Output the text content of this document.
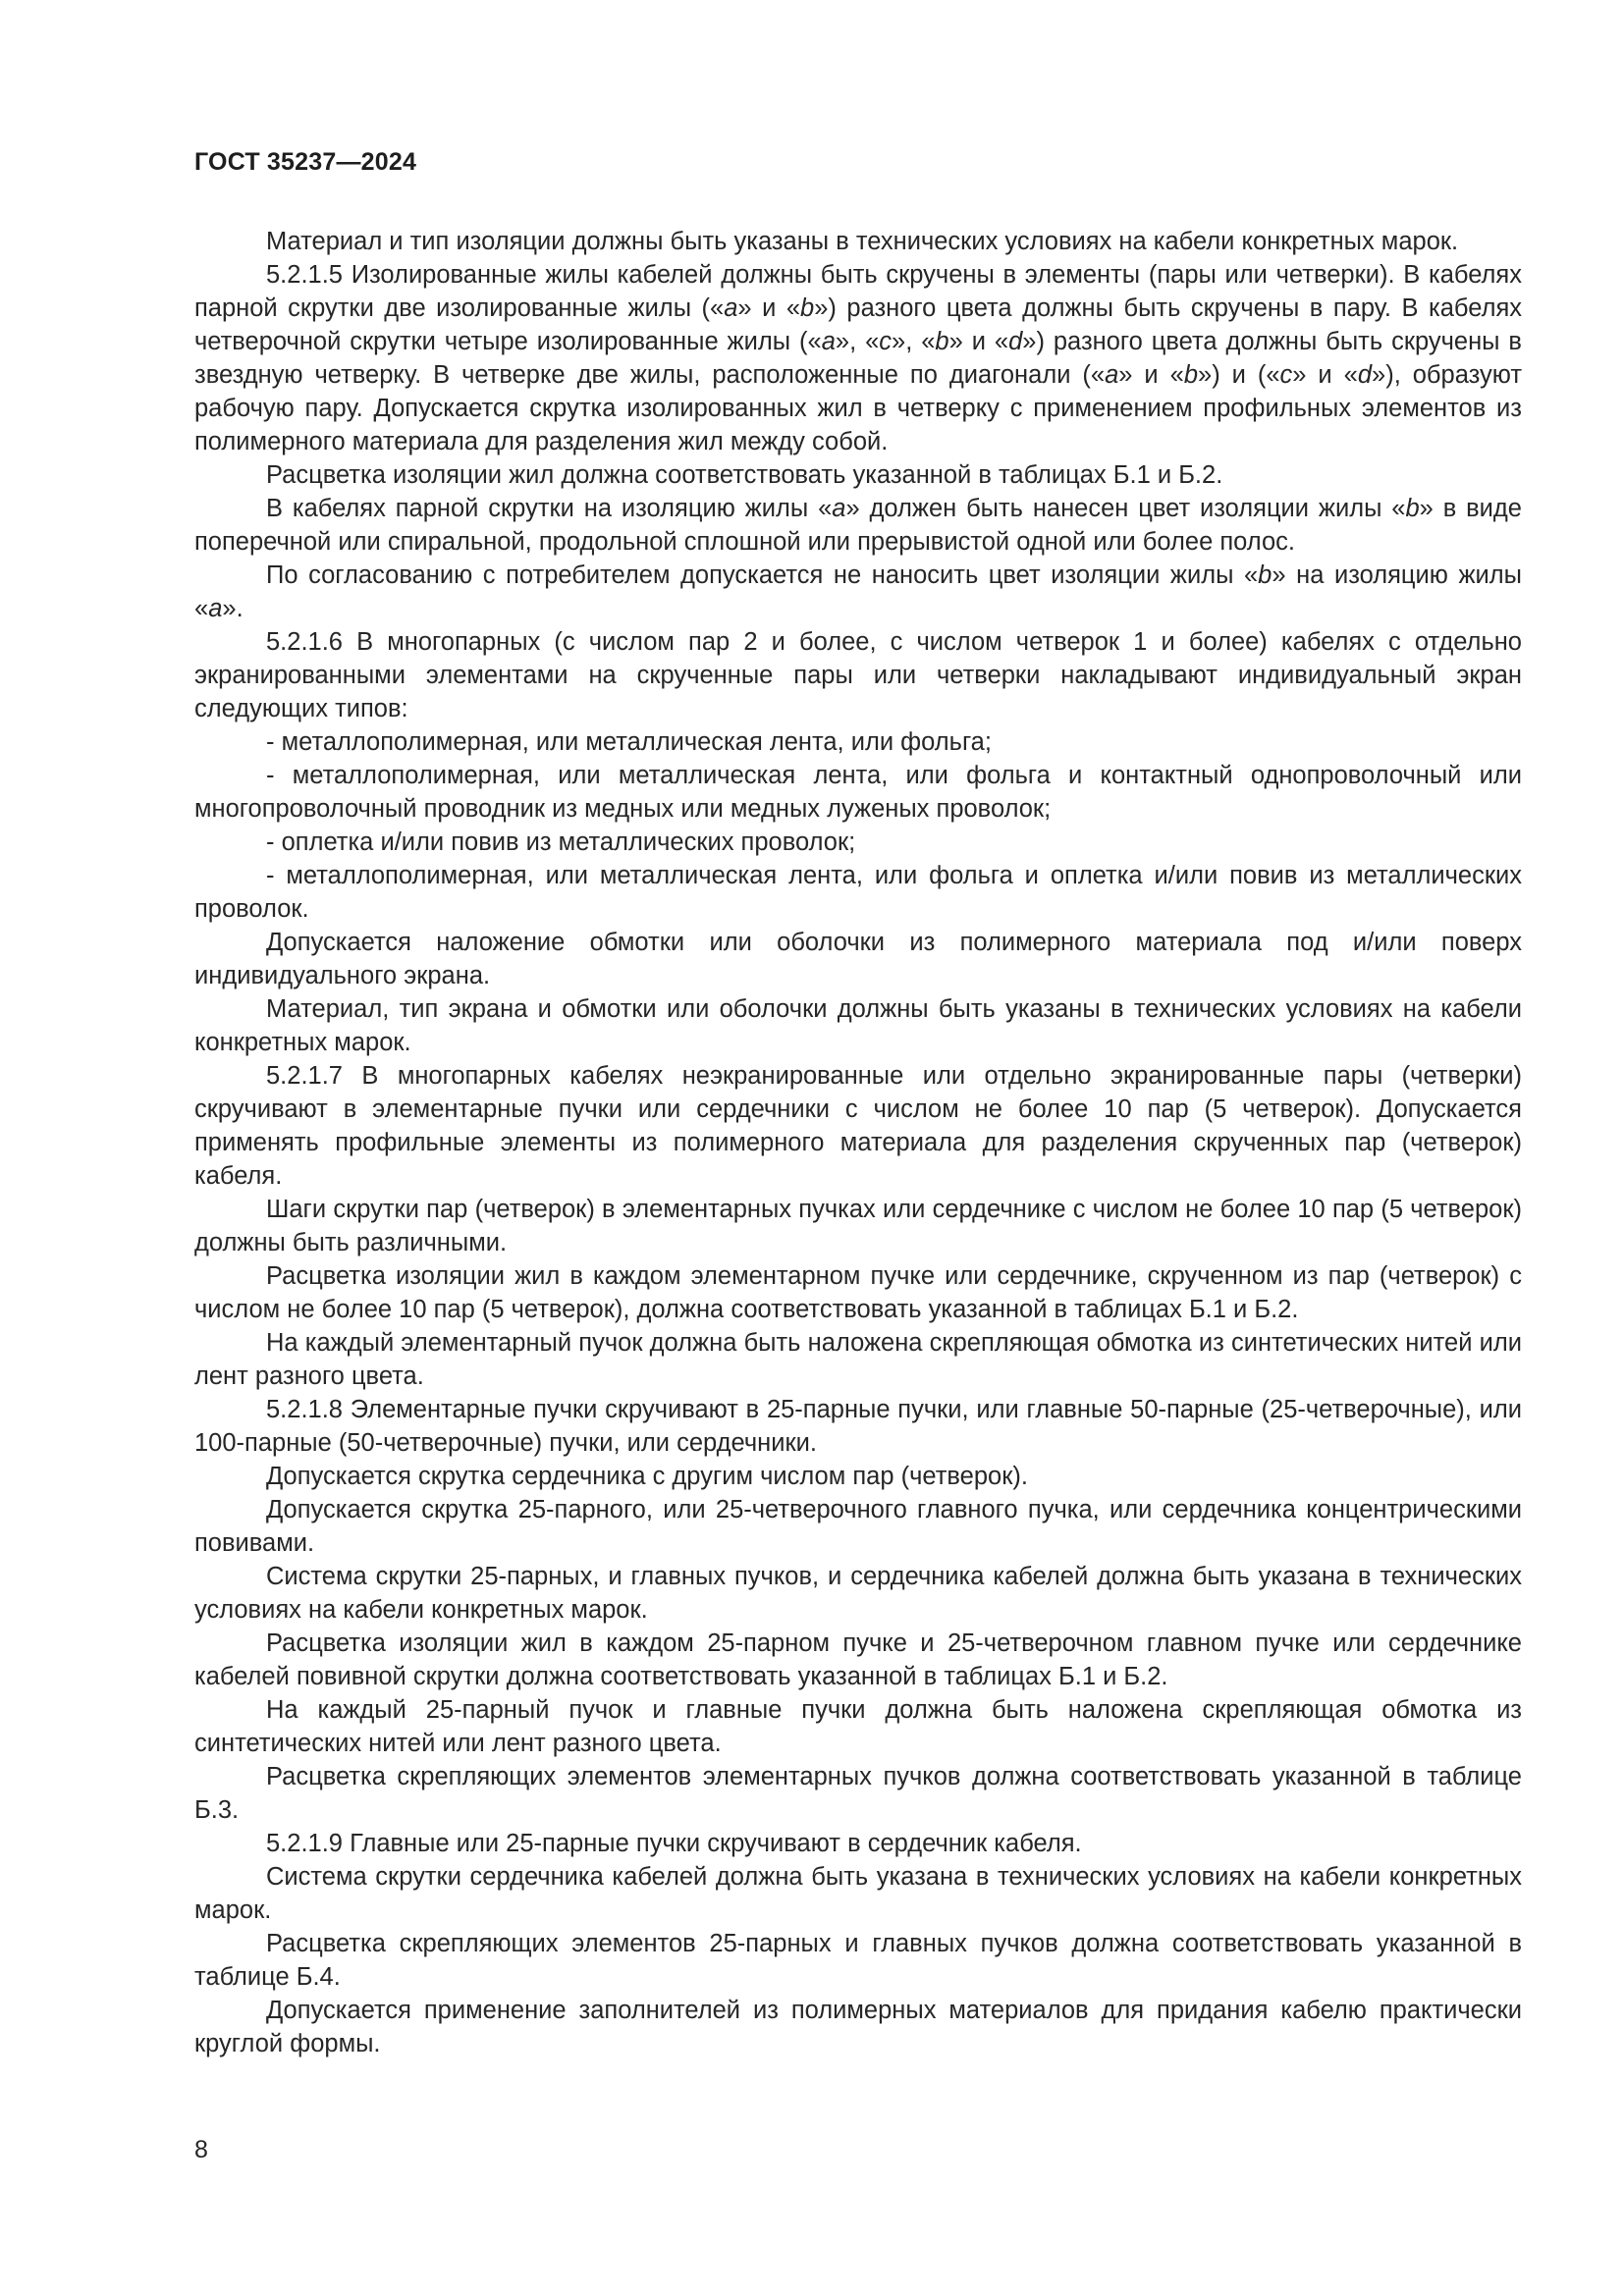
ГОСТ 35237—2024

Материал и тип изоляции должны быть указаны в технических условиях на кабели конкретных марок.

5.2.1.5 Изолированные жилы кабелей должны быть скручены в элементы (пары или четверки). В кабелях парной скрутки две изолированные жилы («a» и «b») разного цвета должны быть скручены в пару. В кабелях четверочной скрутки четыре изолированные жилы («a», «c», «b» и «d») разного цвета должны быть скручены в звездную четверку. В четверке две жилы, расположенные по диагонали («a» и «b») и («c» и «d»), образуют рабочую пару. Допускается скрутка изолированных жил в четверку с применением профильных элементов из полимерного материала для разделения жил между собой.

Расцветка изоляции жил должна соответствовать указанной в таблицах Б.1 и Б.2.

В кабелях парной скрутки на изоляцию жилы «a» должен быть нанесен цвет изоляции жилы «b» в виде поперечной или спиральной, продольной сплошной или прерывистой одной или более полос.

По согласованию с потребителем допускается не наносить цвет изоляции жилы «b» на изоляцию жилы «a».

5.2.1.6 В многопарных (с числом пар 2 и более, с числом четверок 1 и более) кабелях с отдельно экранированными элементами на скрученные пары или четверки накладывают индивидуальный экран следующих типов:

- металлополимерная, или металлическая лента, или фольга;

- металлополимерная, или металлическая лента, или фольга и контактный однопроволочный или многопроволочный проводник из медных или медных луженых проволок;

- оплетка и/или повив из металлических проволок;

- металлополимерная, или металлическая лента, или фольга и оплетка и/или повив из металлических проволок.

Допускается наложение обмотки или оболочки из полимерного материала под и/или поверх индивидуального экрана.

Материал, тип экрана и обмотки или оболочки должны быть указаны в технических условиях на кабели конкретных марок.

5.2.1.7 В многопарных кабелях неэкранированные или отдельно экранированные пары (четверки) скручивают в элементарные пучки или сердечники с числом не более 10 пар (5 четверок). Допускается применять профильные элементы из полимерного материала для разделения скрученных пар (четверок) кабеля.

Шаги скрутки пар (четверок) в элементарных пучках или сердечнике с числом не более 10 пар (5 четверок) должны быть различными.

Расцветка изоляции жил в каждом элементарном пучке или сердечнике, скрученном из пар (четверок) с числом не более 10 пар (5 четверок), должна соответствовать указанной в таблицах Б.1 и Б.2.

На каждый элементарный пучок должна быть наложена скрепляющая обмотка из синтетических нитей или лент разного цвета.

5.2.1.8 Элементарные пучки скручивают в 25-парные пучки, или главные 50-парные (25-четверочные), или 100-парные (50-четверочные) пучки, или сердечники.

Допускается скрутка сердечника с другим числом пар (четверок).

Допускается скрутка 25-парного, или 25-четверочного главного пучка, или сердечника концентрическими повивами.

Система скрутки 25-парных, и главных пучков, и сердечника кабелей должна быть указана в технических условиях на кабели конкретных марок.

Расцветка изоляции жил в каждом 25-парном пучке и 25-четверочном главном пучке или сердечнике кабелей повивной скрутки должна соответствовать указанной в таблицах Б.1 и Б.2.

На каждый 25-парный пучок и главные пучки должна быть наложена скрепляющая обмотка из синтетических нитей или лент разного цвета.

Расцветка скрепляющих элементов элементарных пучков должна соответствовать указанной в таблице Б.3.

5.2.1.9 Главные или 25-парные пучки скручивают в сердечник кабеля.

Система скрутки сердечника кабелей должна быть указана в технических условиях на кабели конкретных марок.

Расцветка скрепляющих элементов 25-парных и главных пучков должна соответствовать указанной в таблице Б.4.

Допускается применение заполнителей из полимерных материалов для придания кабелю практически круглой формы.

8
